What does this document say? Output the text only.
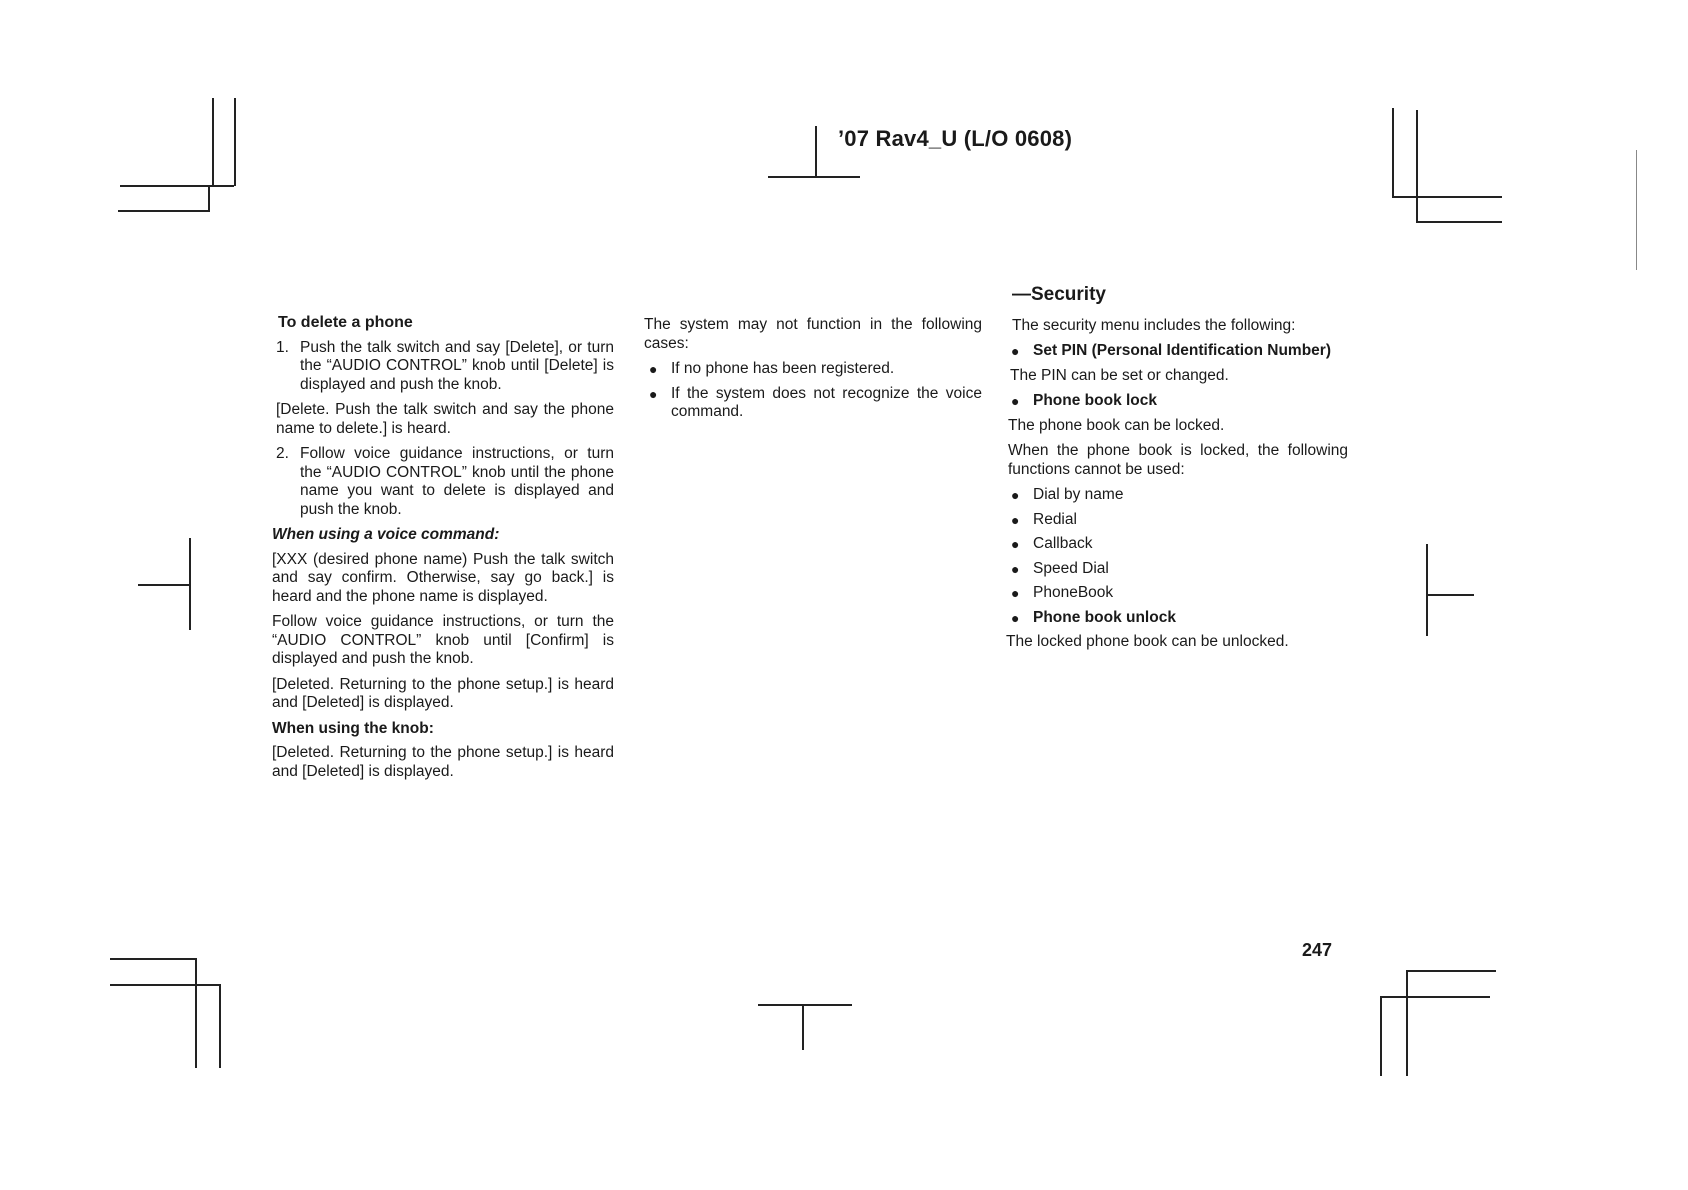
’07 Rav4_U (L/O 0608)

To delete a phone

1. Push the talk switch and say [Delete], or turn the “AUDIO CONTROL” knob until [Delete] is displayed and push the knob.

[Delete. Push the talk switch and say the phone name to delete.] is heard.

2. Follow voice guidance instructions, or turn the “AUDIO CONTROL” knob until the phone name you want to delete is displayed and push the knob.

When using a voice command:

[XXX (desired phone name) Push the talk switch and say confirm. Otherwise, say go back.] is heard and the phone name is displayed.

Follow voice guidance instructions, or turn the “AUDIO CONTROL” knob until [Confirm] is displayed and push the knob.

[Deleted. Returning to the phone setup.] is heard and [Deleted] is displayed.

When using the knob:

[Deleted. Returning to the phone setup.] is heard and [Deleted] is displayed.

The system may not function in the following cases:

● If no phone has been registered.
● If the system does not recognize the voice command.
—Security

The security menu includes the following:

● Set PIN (Personal Identification Number)

The PIN can be set or changed.

● Phone book lock

The phone book can be locked.

When the phone book is locked, the following functions cannot be used:

● Dial by name
● Redial
● Callback
● Speed Dial
● PhoneBook
● Phone book unlock

The locked phone book can be unlocked.

247
